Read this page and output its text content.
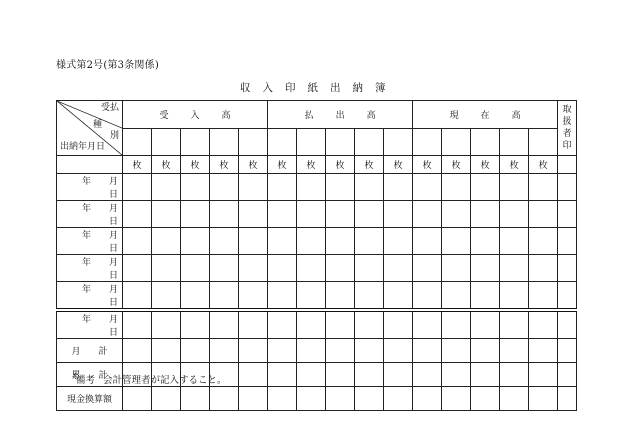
様式第2号(第3条関係)
収 入 印 紙 出 納 簿
受払
種
別
出納年月日	受 入 高					払 出 高					現 在 高					取
扱
者
印

	枚	枚	枚	枚	枚	枚	枚	枚	枚	枚	枚	枚	枚	枚	枚	
年 月日																
年 月日																
年 月日																
年 月日																
年 月日																
年 月日																
月 計																
累 計																
現金換算額																
備考 会計管理者が記入すること。
